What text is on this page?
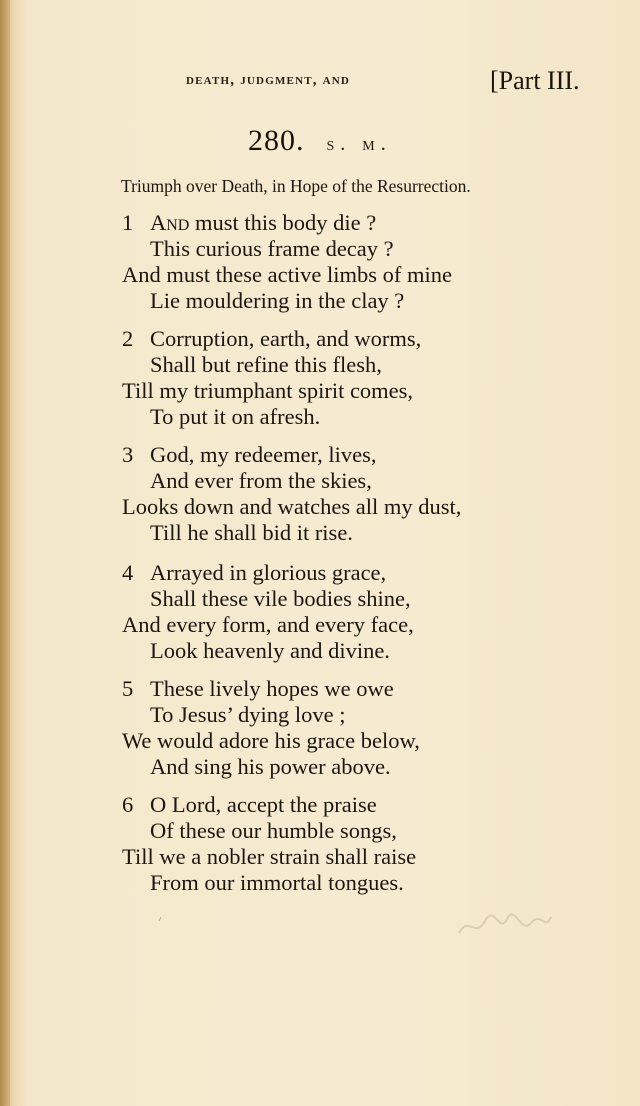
death, judgment, and	[Part III.
280. s. m.
Triumph over Death, in Hope of the Resurrection.
1 And must this body die ?
This curious frame decay ?
And must these active limbs of mine
Lie mouldering in the clay ?
2 Corruption, earth, and worms,
Shall but refine this flesh,
Till my triumphant spirit comes,
To put it on afresh.
3 God, my redeemer, lives,
And ever from the skies,
Looks down and watches all my dust,
Till he shall bid it rise.
4 Arrayed in glorious grace,
Shall these vile bodies shine,
And every form, and every face,
Look heavenly and divine.
5 These lively hopes we owe
To Jesus’ dying love ;
We would adore his grace below,
And sing his power above.
6 O Lord, accept the praise
Of these our humble songs,
Till we a nobler strain shall raise
From our immortal tongues.
